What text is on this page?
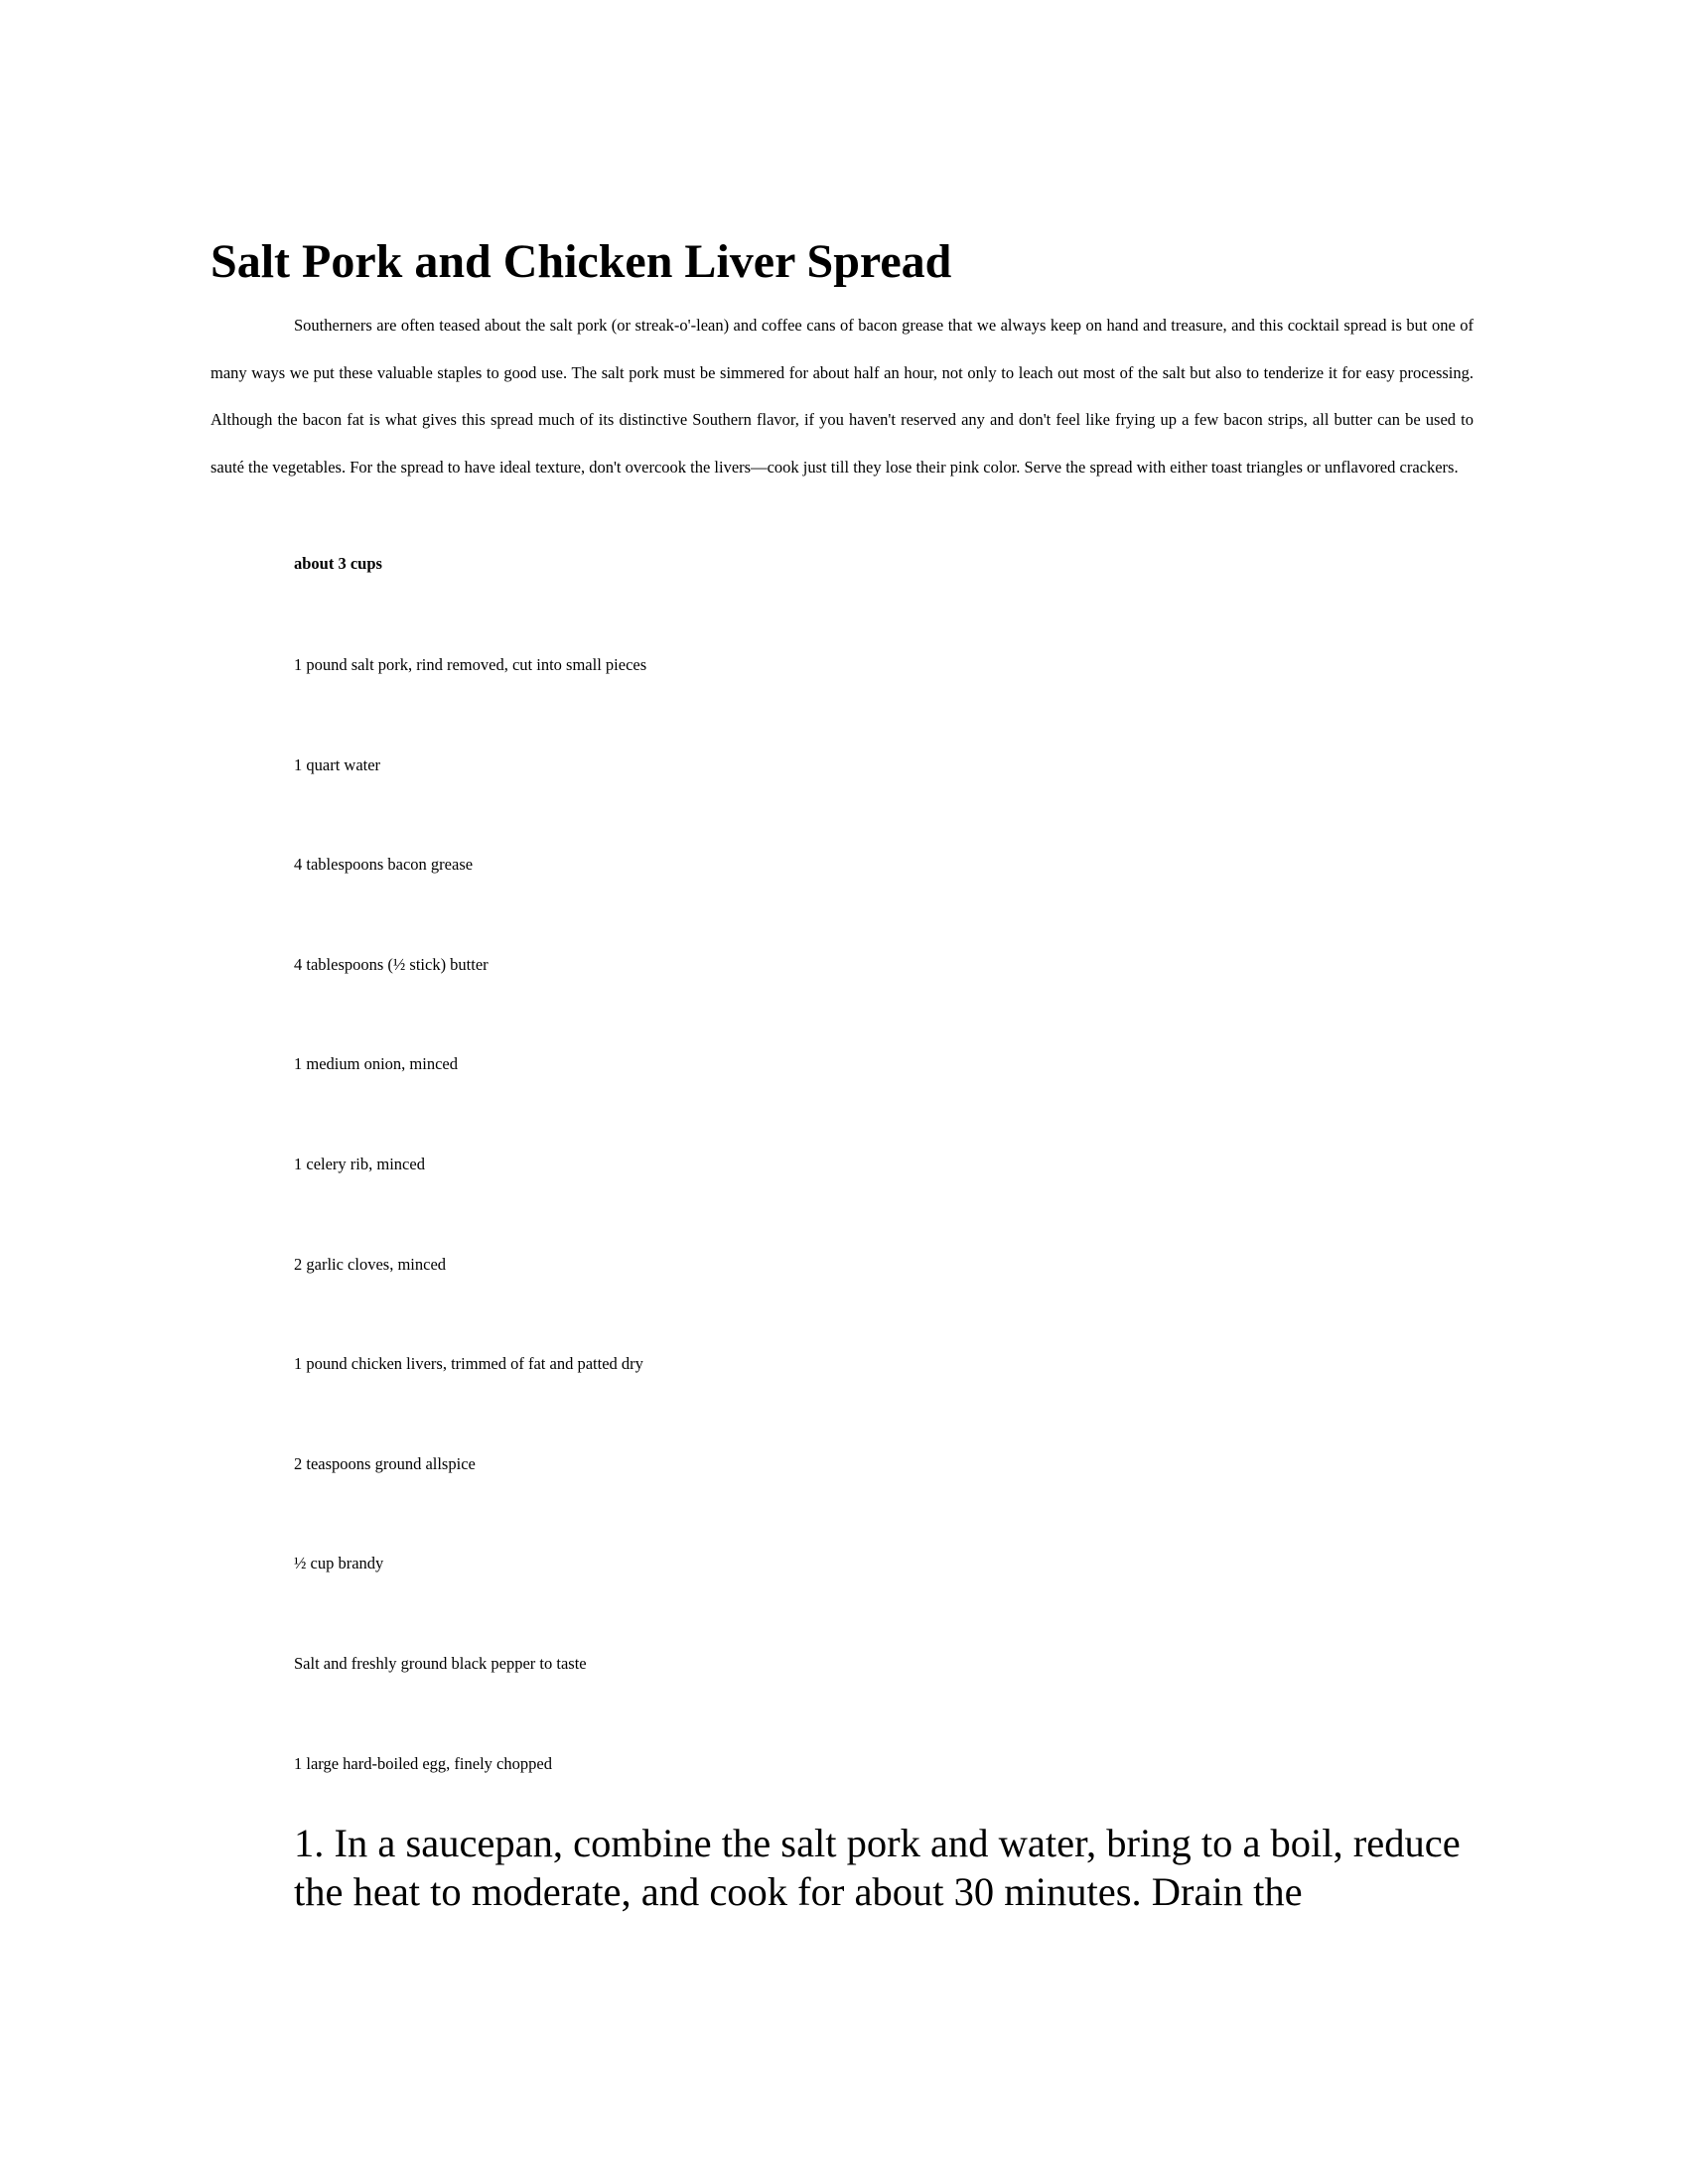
Salt Pork and Chicken Liver Spread

Southerners are often teased about the salt pork (or streak-o'-lean) and coffee cans of bacon grease that we always keep on hand and treasure, and this cocktail spread is but one of many ways we put these valuable staples to good use. The salt pork must be simmered for about half an hour, not only to leach out most of the salt but also to tenderize it for easy processing. Although the bacon fat is what gives this spread much of its distinctive Southern flavor, if you haven't reserved any and don't feel like frying up a few bacon strips, all butter can be used to sauté the vegetables. For the spread to have ideal texture, don't overcook the livers—cook just till they lose their pink color. Serve the spread with either toast triangles or unflavored crackers.

about 3 cups

1 pound salt pork, rind removed, cut into small pieces
1 quart water
4 tablespoons bacon grease
4 tablespoons (½ stick) butter
1 medium onion, minced
1 celery rib, minced
2 garlic cloves, minced
1 pound chicken livers, trimmed of fat and patted dry
2 teaspoons ground allspice
½ cup brandy
Salt and freshly ground black pepper to taste
1 large hard-boiled egg, finely chopped

1. In a saucepan, combine the salt pork and water, bring to a boil, reduce the heat to moderate, and cook for about 30 minutes. Drain the
